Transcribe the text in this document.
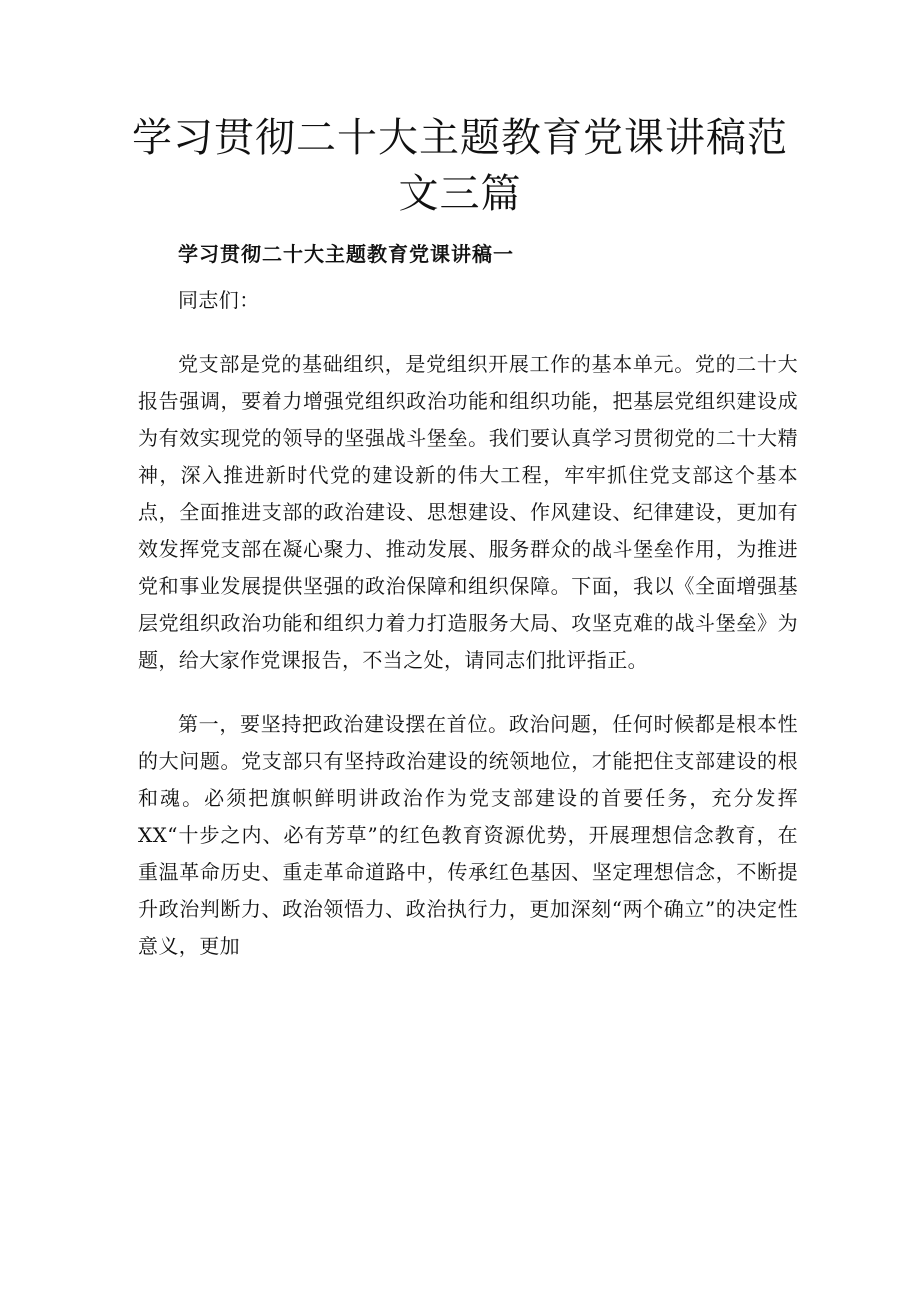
学习贯彻二十大主题教育党课讲稿范文三篇
学习贯彻二十大主题教育党课讲稿一

同志们：

党支部是党的基础组织，是党组织开展工作的基本单元。党的二十大报告强调，要着力增强党组织政治功能和组织功能，把基层党组织建设成为有效实现党的领导的坚强战斗堡垒。我们要认真学习贯彻党的二十大精神，深入推进新时代党的建设新的伟大工程，牢牢抓住党支部这个基本点，全面推进支部的政治建设、思想建设、作风建设、纪律建设，更加有效发挥党支部在凝心聚力、推动发展、服务群众的战斗堡垒作用，为推进党和事业发展提供坚强的政治保障和组织保障。下面，我以《全面增强基层党组织政治功能和组织力着力打造服务大局、攻坚克难的战斗堡垒》为题，给大家作党课报告，不当之处，请同志们批评指正。

第一，要坚持把政治建设摆在首位。政治问题，任何时候都是根本性的大问题。党支部只有坚持政治建设的统领地位，才能把住支部建设的根和魂。必须把旗帜鲜明讲政治作为党支部建设的首要任务，充分发挥XX“十步之内、必有芳草”的红色教育资源优势，开展理想信念教育，在重温革命历史、重走革命道路中，传承红色基因、坚定理想信念，不断提升政治判断力、政治领悟力、政治执行力，更加深刻“两个确立”的决定性意义，更加
